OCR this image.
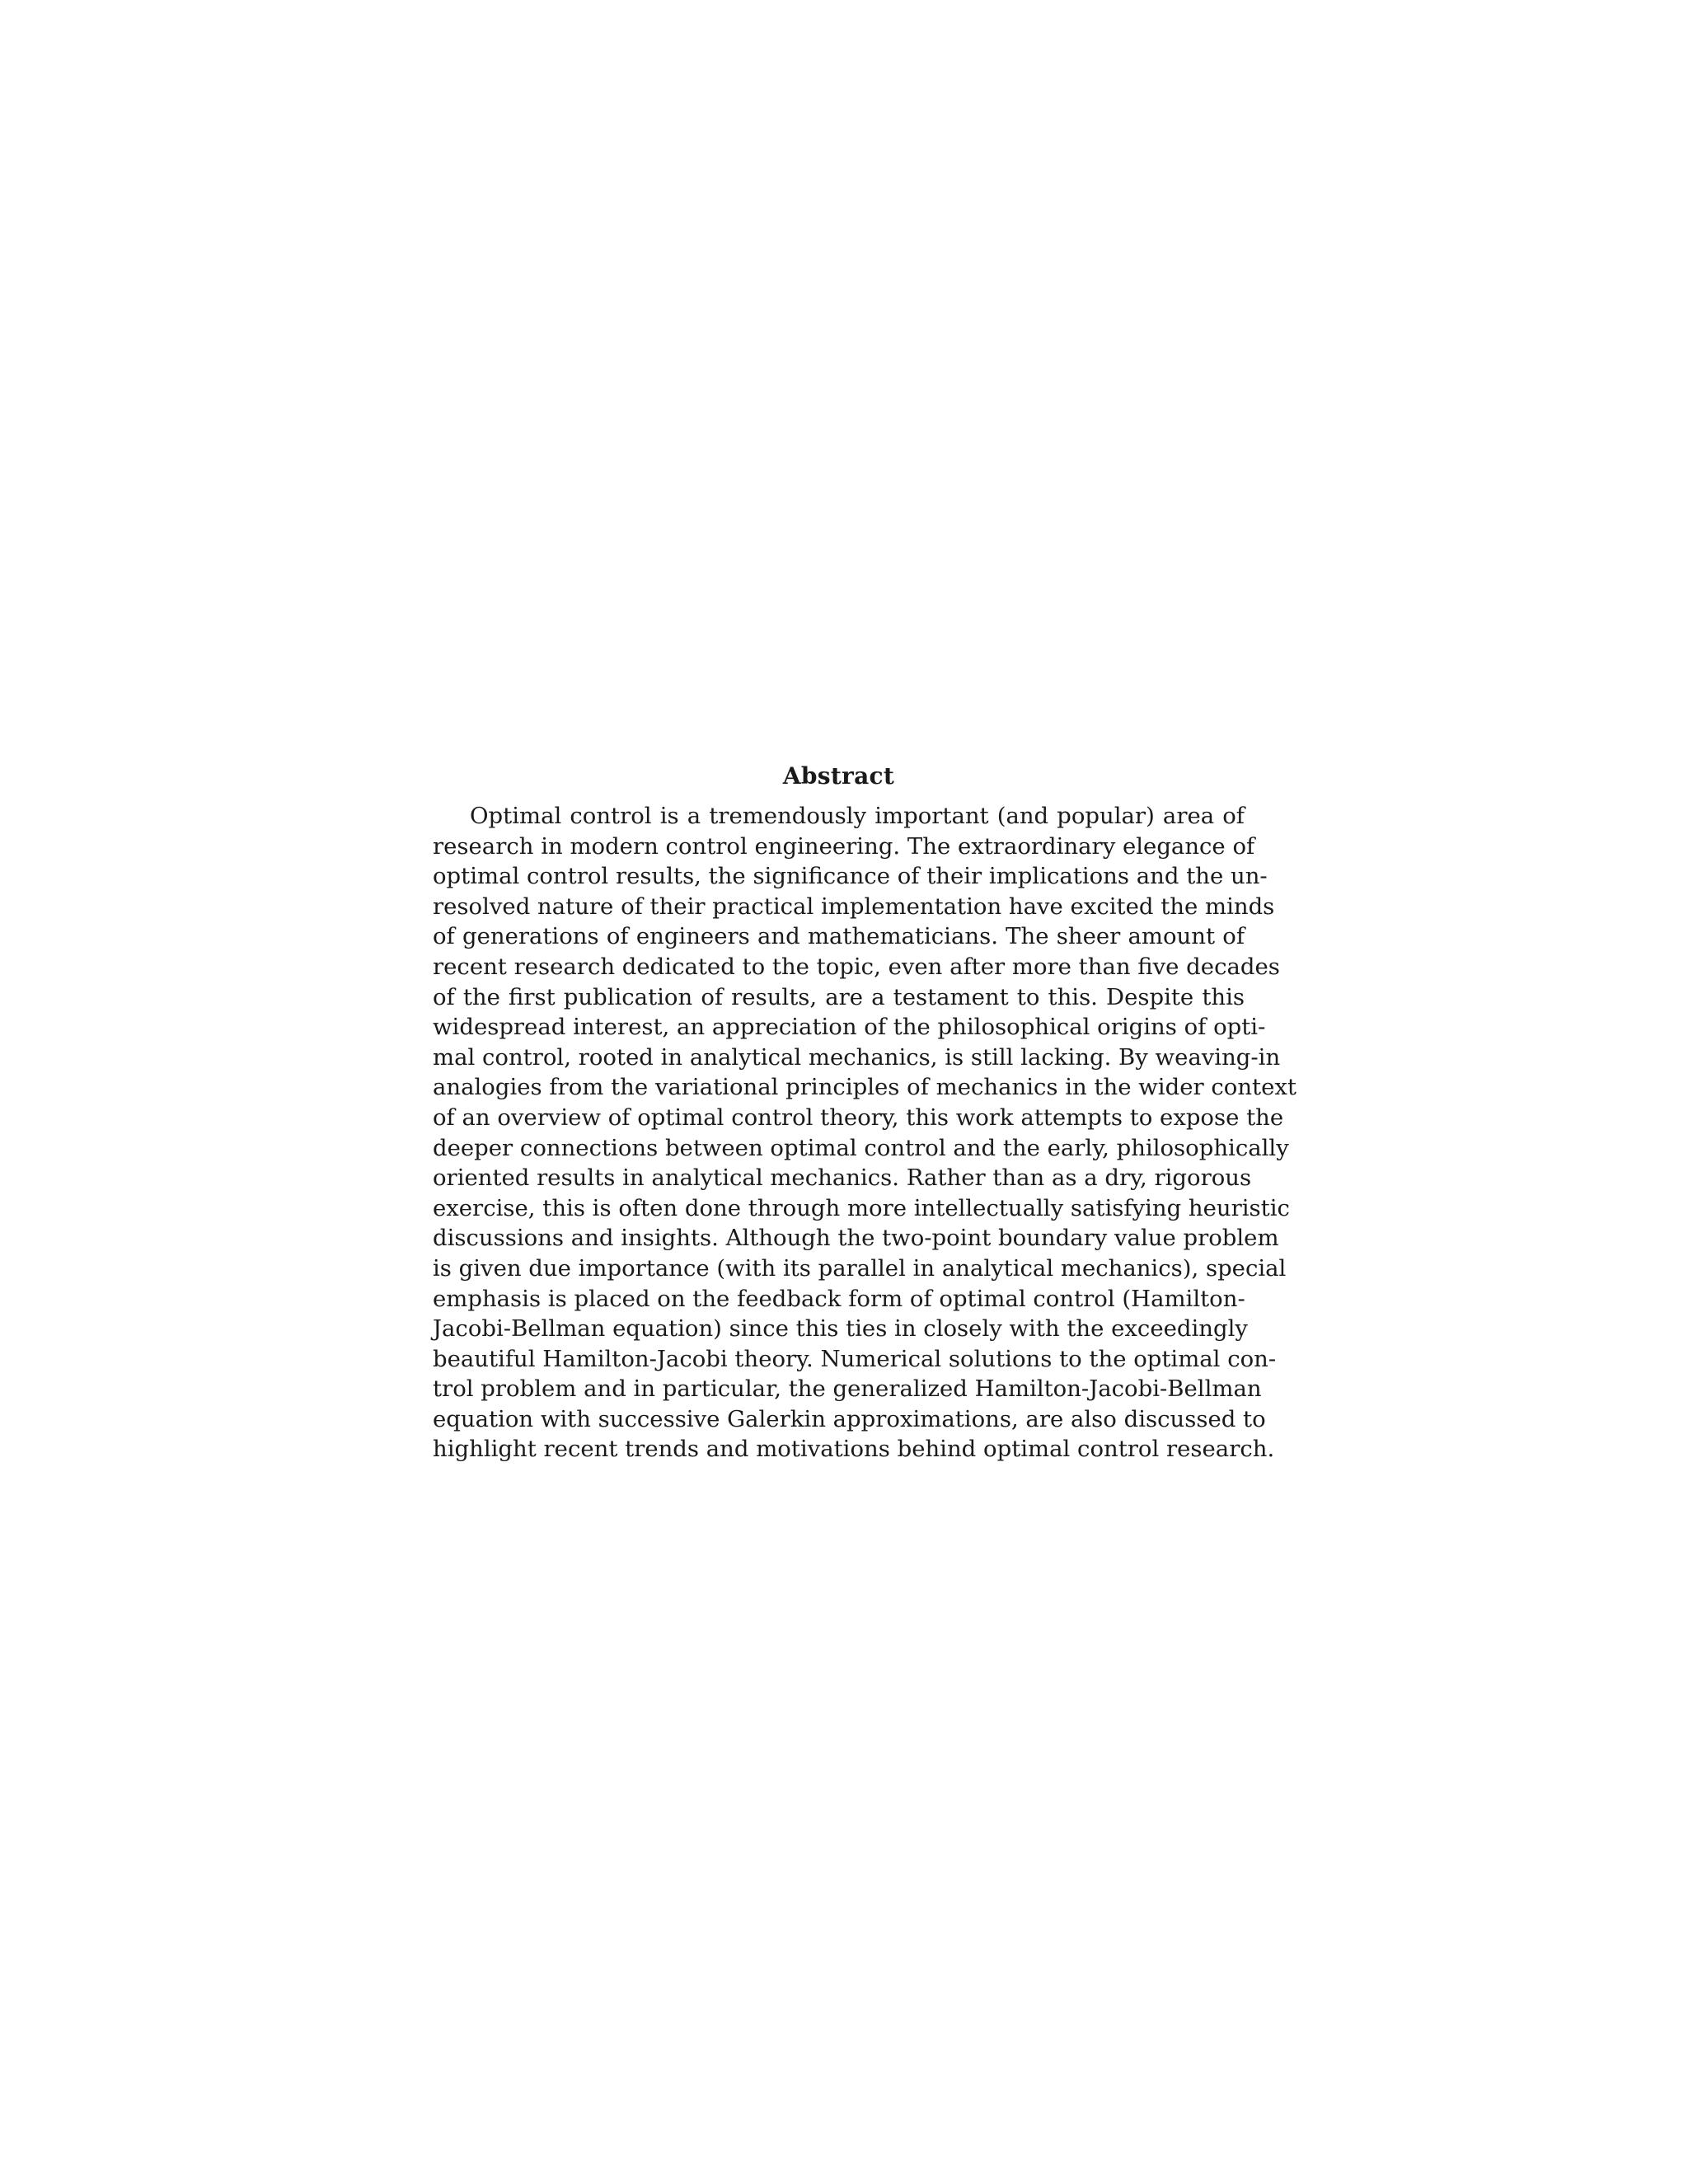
Abstract
Optimal control is a tremendously important (and popular) area of
research in modern control engineering. The extraordinary elegance of
optimal control results, the significance of their implications and the un-
resolved nature of their practical implementation have excited the minds
of generations of engineers and mathematicians. The sheer amount of
recent research dedicated to the topic, even after more than five decades
of the first publication of results, are a testament to this. Despite this
widespread interest, an appreciation of the philosophical origins of opti-
mal control, rooted in analytical mechanics, is still lacking. By weaving-in
analogies from the variational principles of mechanics in the wider context
of an overview of optimal control theory, this work attempts to expose the
deeper connections between optimal control and the early, philosophically
oriented results in analytical mechanics. Rather than as a dry, rigorous
exercise, this is often done through more intellectually satisfying heuristic
discussions and insights. Although the two-point boundary value problem
is given due importance (with its parallel in analytical mechanics), special
emphasis is placed on the feedback form of optimal control (Hamilton-
Jacobi-Bellman equation) since this ties in closely with the exceedingly
beautiful Hamilton-Jacobi theory. Numerical solutions to the optimal con-
trol problem and in particular, the generalized Hamilton-Jacobi-Bellman
equation with successive Galerkin approximations, are also discussed to
highlight recent trends and motivations behind optimal control research.
